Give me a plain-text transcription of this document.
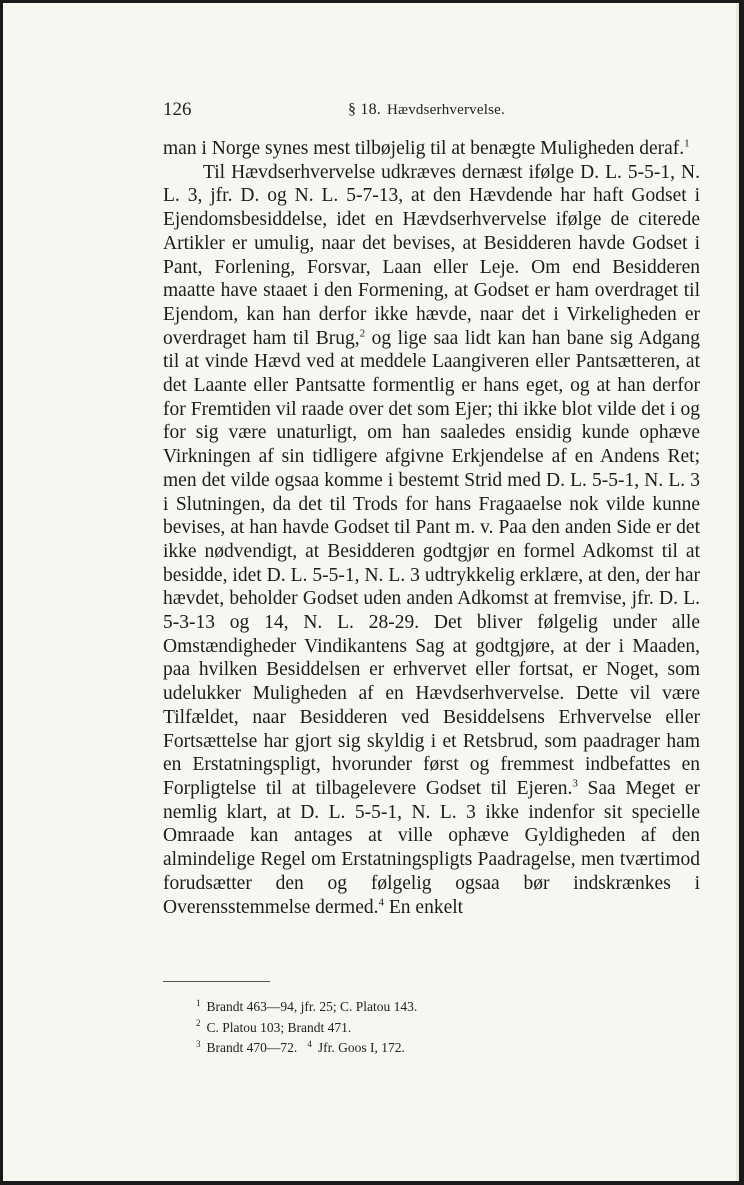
126	§ 18. Hævdserhvervelse.

man i Norge synes mest tilbøjelig til at benægte Muligheden deraf.$^1$

Til Hævdserhvervelse udkræves dernæst ifølge D. L. 5-5-1, N. L. 3, jfr. D. og N. L. 5-7-13, at den Hævdende har haft Godset i Ejendomsbesiddelse, idet en Hævdserhvervelse ifølge de citerede Artikler er umulig, naar det bevises, at Besidderen havde Godset i Pant, Forlening, Forsvar, Laan eller Leje. Om end Besidderen maatte have staaet i den Formening, at Godset er ham overdraget til Ejendom, kan han derfor ikke hævde, naar det i Virkeligheden er overdraget ham til Brug,$^2$ og lige saa lidt kan han bane sig Adgang til at vinde Hævd ved at meddele Laangiveren eller Pantsætteren, at det Laante eller Pantsatte formentlig er hans eget, og at han derfor for Fremtiden vil raade over det som Ejer; thi ikke blot vilde det i og for sig være unaturligt, om han saaledes ensidig kunde ophæve Virkningen af sin tidligere afgivne Erkjendelse af en Andens Ret; men det vilde ogsaa komme i bestemt Strid med D. L. 5-5-1, N. L. 3 i Slutningen, da det til Trods for hans Fragaaelse nok vilde kunne bevises, at han havde Godset til Pant m. v. Paa den anden Side er det ikke nødvendigt, at Besidderen godtgjør en formel Adkomst til at besidde, idet D. L. 5-5-1, N. L. 3 udtrykkelig erklære, at den, der har hævdet, beholder Godset uden anden Adkomst at fremvise, jfr. D. L. 5-3-13 og 14, N. L. 28-29. Det bliver følgelig under alle Omstændigheder Vindikantens Sag at godtgjøre, at der i Maaden, paa hvilken Besiddelsen er erhvervet eller fortsat, er Noget, som udelukker Muligheden af en Hævdserhvervelse. Dette vil være Tilfældet, naar Besidderen ved Besiddelsens Erhvervelse eller Fortsættelse har gjort sig skyldig i et Retsbrud, som paadrager ham en Erstatningspligt, hvorunder først og fremmest indbefattes en Forpligtelse til at tilbagelevere Godset til Ejeren.$^3$ Saa Meget er nemlig klart, at D. L. 5-5-1, N. L. 3 ikke indenfor sit specielle Omraade kan antages at ville ophæve Gyldigheden af den almindelige Regel om Erstatningspligts Paadragelse, men tværtimod forudsætter den og følgelig ogsaa bør indskrænkes i Overensstemmelse dermed.$^4$ En enkelt

$^1$ Brandt 463—94, jfr. 25; C. Platou 143.
$^2$ C. Platou 103; Brandt 471.
$^3$ Brandt 470—72. $^4$ Jfr. Goos I, 172.
